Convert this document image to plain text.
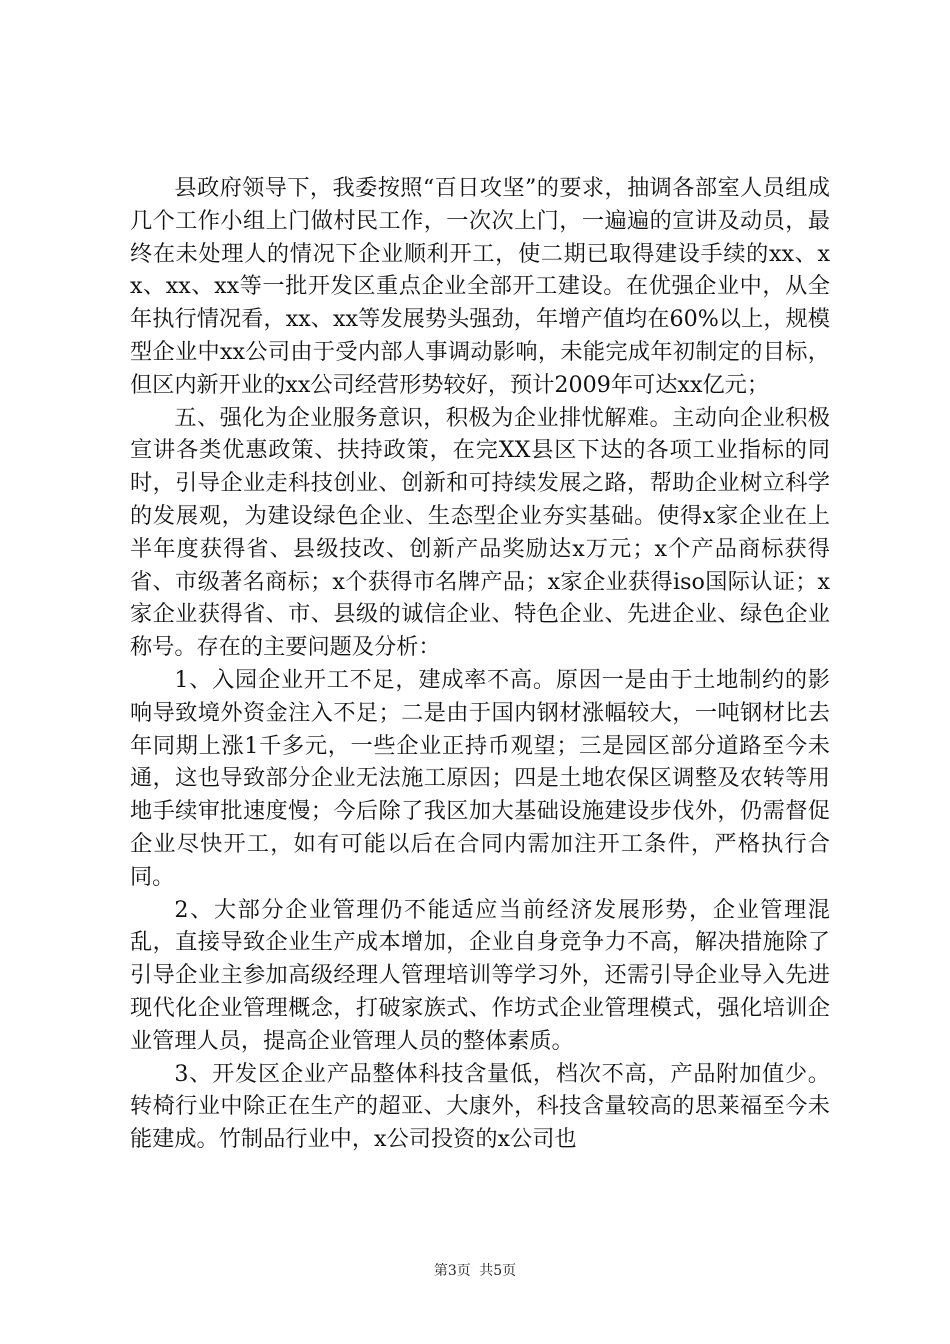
县政府领导下，我委按照“百日攻坚”的要求，抽调各部室人员组成几个工作小组上门做村民工作，一次次上门，一遍遍的宣讲及动员，最终在未处理人的情况下企业顺利开工，使二期已取得建设手续的xx、xx、xx、xx等一批开发区重点企业全部开工建设。在优强企业中，从全年执行情况看，xx、xx等发展势头强劲，年增产值均在60%以上，规模型企业中xx公司由于受内部人事调动影响，未能完成年初制定的目标，但区内新开业的xx公司经营形势较好，预计2009年可达xx亿元；

五、强化为企业服务意识，积极为企业排忧解难。主动向企业积极宣讲各类优惠政策、扶持政策，在完XX县区下达的各项工业指标的同时，引导企业走科技创业、创新和可持续发展之路，帮助企业树立科学的发展观，为建设绿色企业、生态型企业夯实基础。使得x家企业在上半年度获得省、县级技改、创新产品奖励达x万元；x个产品商标获得省、市级著名商标；x个获得市名牌产品；x家企业获得iso国际认证；x家企业获得省、市、县级的诚信企业、特色企业、先进企业、绿色企业称号。存在的主要问题及分析：

1、入园企业开工不足，建成率不高。原因一是由于土地制约的影响导致境外资金注入不足；二是由于国内钢材涨幅较大，一吨钢材比去年同期上涨1千多元，一些企业正持币观望；三是园区部分道路至今未通，这也导致部分企业无法施工原因；四是土地农保区调整及农转等用地手续审批速度慢；今后除了我区加大基础设施建设步伐外，仍需督促企业尽快开工，如有可能以后在合同内需加注开工条件，严格执行合同。

2、大部分企业管理仍不能适应当前经济发展形势，企业管理混乱，直接导致企业生产成本增加，企业自身竞争力不高，解决措施除了引导企业主参加高级经理人管理培训等学习外，还需引导企业导入先进现代化企业管理概念，打破家族式、作坊式企业管理模式，强化培训企业管理人员，提高企业管理人员的整体素质。

3、开发区企业产品整体科技含量低，档次不高，产品附加值少。转椅行业中除正在生产的超亚、大康外，科技含量较高的思莱福至今未能建成。竹制品行业中，x公司投资的x公司也

第3页 共5页
